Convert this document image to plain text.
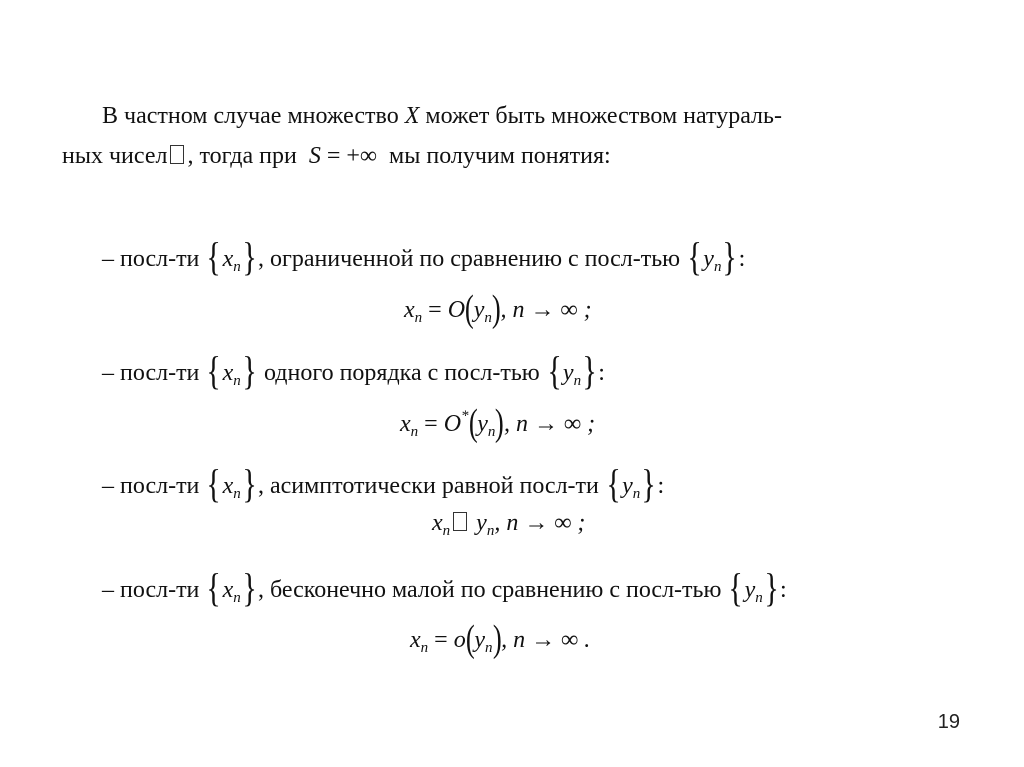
В частном случае множество X может быть множеством натураль-
ных чисел , тогда при S = +∞ мы получим понятия:
– посл-ти $\{x_n\}$, ограниченной по сравнению с посл-тью $\{y_n\}$:
$x_n = O(y_n)$, n → ∞ ;
– посл-ти $\{x_n\}$ одного порядка с посл-тью $\{y_n\}$:
$x_n = O^*(y_n)$, n → ∞ ;
– посл-ти $\{x_n\}$, асимптотически равной посл-ти $\{y_n\}$:
$x_n$ $y_n$, n → ∞ ;
– посл-ти $\{x_n\}$, бесконечно малой по сравнению с посл-тью $\{y_n\}$:
$x_n = o(y_n)$, n → ∞ .
19
